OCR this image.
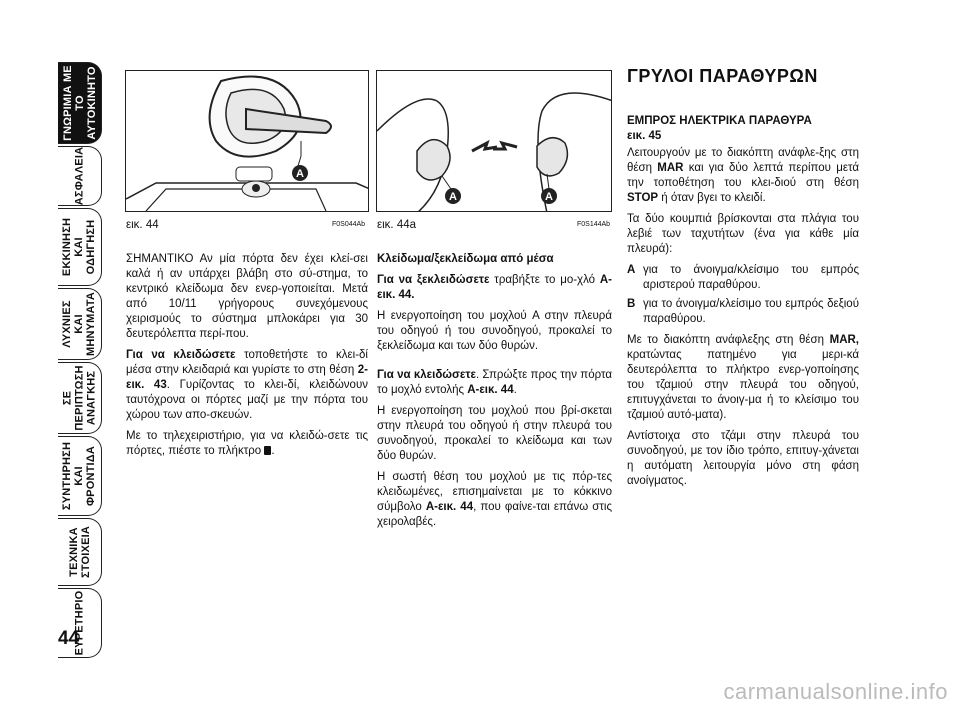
ΓΝΩΡΙΜΙΑ ΜΕ
ΤΟ
ΑΥΤΟΚΙΝΗΤΟ
ΑΣΦΑΛΕΙΑ
ΕΚΚΙΝΗΣΗ
ΚΑΙ
ΟΔΗΓΗΣΗ
ΛΥΧΝΙΕΣ
ΚΑΙ
ΜΗΝΥΜΑΤΑ
ΣΕ
ΠΕΡΙΠΤΩΣΗ
ΑΝΑΓΚΗΣ
ΣΥΝΤΗΡΗΣΗ
ΚΑΙ
ΦΡΟΝΤΙΔΑ
ΤΕΧΝΙΚΑ
ΣΤΟΙΧΕΙΑ
ΕΥΡΕΤΗΡΙΟ
44
A
εικ. 44	F0S044Ab
A	A
εικ. 44a	F0S144Ab

ΣΗΜΑΝΤΙΚΟ Αν μία πόρτα δεν έχει κλεί-σει καλά ή αν υπάρχει βλάβη στο σύ-στημα, το κεντρικό κλείδωμα δεν ενερ-γοποιείται. Μετά από 10/11 γρήγορους συνεχόμενους χειρισμούς το σύστημα μπλοκάρει για 30 δευτερόλεπτα περί-που.

Για να κλειδώσετε τοποθετήστε το κλει-δί μέσα στην κλειδαριά και γυρίστε το στη θέση 2-εικ. 43. Γυρίζοντας το κλει-δί, κλειδώνουν ταυτόχρονα οι πόρτες μαζί με την πόρτα του χώρου των απο-σκευών.

Με το τηλεχειριστήριο, για να κλειδώ-σετε τις πόρτες, πιέστε το πλήκτρο .

Κλείδωμα/ξεκλείδωμα από μέσα

Για να ξεκλειδώσετε τραβήξτε το μο-χλό A-εικ. 44.

Η ενεργοποίηση του μοχλού A στην πλευρά του οδηγού ή του συνοδηγού, προκαλεί το ξεκλείδωμα και των δύο θυρών.

Για να κλειδώσετε. Σπρώξτε προς την πόρτα το μοχλό εντολής A-εικ. 44.

Η ενεργοποίηση του μοχλού που βρί-σκεται στην πλευρά του οδηγού ή στην πλευρά του συνοδηγού, προκαλεί το κλείδωμα και των δύο θυρών.

Η σωστή θέση του μοχλού με τις πόρ-τες κλειδωμένες, επισημαίνεται με το κόκκινο σύμβολο A-εικ. 44, που φαίνε-ται επάνω στις χειρολαβές.

ΓΡΥΛΟΙ ΠΑΡΑΘΥΡΩΝ

ΕΜΠΡΟΣ ΗΛΕΚΤΡΙΚΑ ΠΑΡΑΘΥΡΑ
εικ. 45

Λειτουργούν με το διακόπτη ανάφλε-ξης στη θέση MAR και για δύο λεπτά περίπου μετά την τοποθέτηση του κλει-διού στη θέση STOP ή όταν βγει το κλειδί.

Τα δύο κουμπιά βρίσκονται στα πλάγια του λεβιέ των ταχυτήτων (ένα για κάθε μία πλευρά):

A για το άνοιγμα/κλείσιμο του εμπρός αριστερού παραθύρου.
B για το άνοιγμα/κλείσιμο του εμπρός δεξιού παραθύρου.

Με το διακόπτη ανάφλεξης στη θέση MAR, κρατώντας πατημένο για μερι-κά δευτερόλεπτα το πλήκτρο ενερ-γοποίησης του τζαμιού στην πλευρά του οδηγού, επιτυγχάνεται το άνοιγ-μα ή το κλείσιμο του τζαμιού αυτό-ματα).

Αντίστοιχα στο τζάμι στην πλευρά του συνοδηγού, με τον ίδιο τρόπο, επιτυγ-χάνεται η αυτόματη λειτουργία μόνο στη φάση ανοίγματος.

carmanualsonline.info
